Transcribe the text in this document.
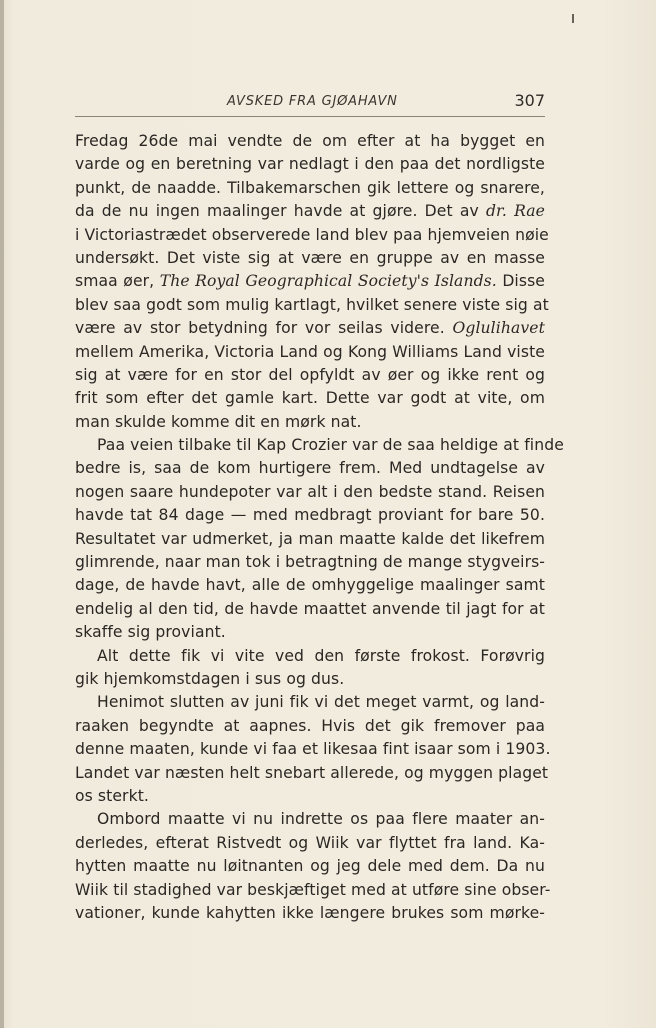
AVSKED FRA GJØAHAVN	307
Fredag 26de mai vendte de om efter at ha bygget en
varde og en beretning var nedlagt i den paa det nordligste
punkt, de naadde. Tilbakemarschen gik lettere og snarere,
da de nu ingen maalinger havde at gjøre. Det av dr. Rae
i Victoriastrædet observerede land blev paa hjemveien nøie
undersøkt. Det viste sig at være en gruppe av en masse
smaa øer, The Royal Geographical Society's Islands. Disse
blev saa godt som mulig kartlagt, hvilket senere viste sig at
være av stor betydning for vor seilas videre. Oglulihavet
mellem Amerika, Victoria Land og Kong Williams Land viste
sig at være for en stor del opfyldt av øer og ikke rent og
frit som efter det gamle kart. Dette var godt at vite, om
man skulde komme dit en mørk nat.
Paa veien tilbake til Kap Crozier var de saa heldige at finde
bedre is, saa de kom hurtigere frem. Med undtagelse av
nogen saare hundepoter var alt i den bedste stand. Reisen
havde tat 84 dage — med medbragt proviant for bare 50.
Resultatet var udmerket, ja man maatte kalde det likefrem
glimrende, naar man tok i betragtning de mange stygveirs-
dage, de havde havt, alle de omhyggelige maalinger samt
endelig al den tid, de havde maattet anvende til jagt for at
skaffe sig proviant.
Alt dette fik vi vite ved den første frokost. Forøvrig
gik hjemkomstdagen i sus og dus.
Henimot slutten av juni fik vi det meget varmt, og land-
raaken begyndte at aapnes. Hvis det gik fremover paa
denne maaten, kunde vi faa et likesaa fint isaar som i 1903.
Landet var næsten helt snebart allerede, og myggen plaget
os sterkt.
Ombord maatte vi nu indrette os paa flere maater an-
derledes, efterat Ristvedt og Wiik var flyttet fra land. Ka-
hytten maatte nu løitnanten og jeg dele med dem. Da nu
Wiik til stadighed var beskjæftiget med at utføre sine obser-
vationer, kunde kahytten ikke længere brukes som mørke-
